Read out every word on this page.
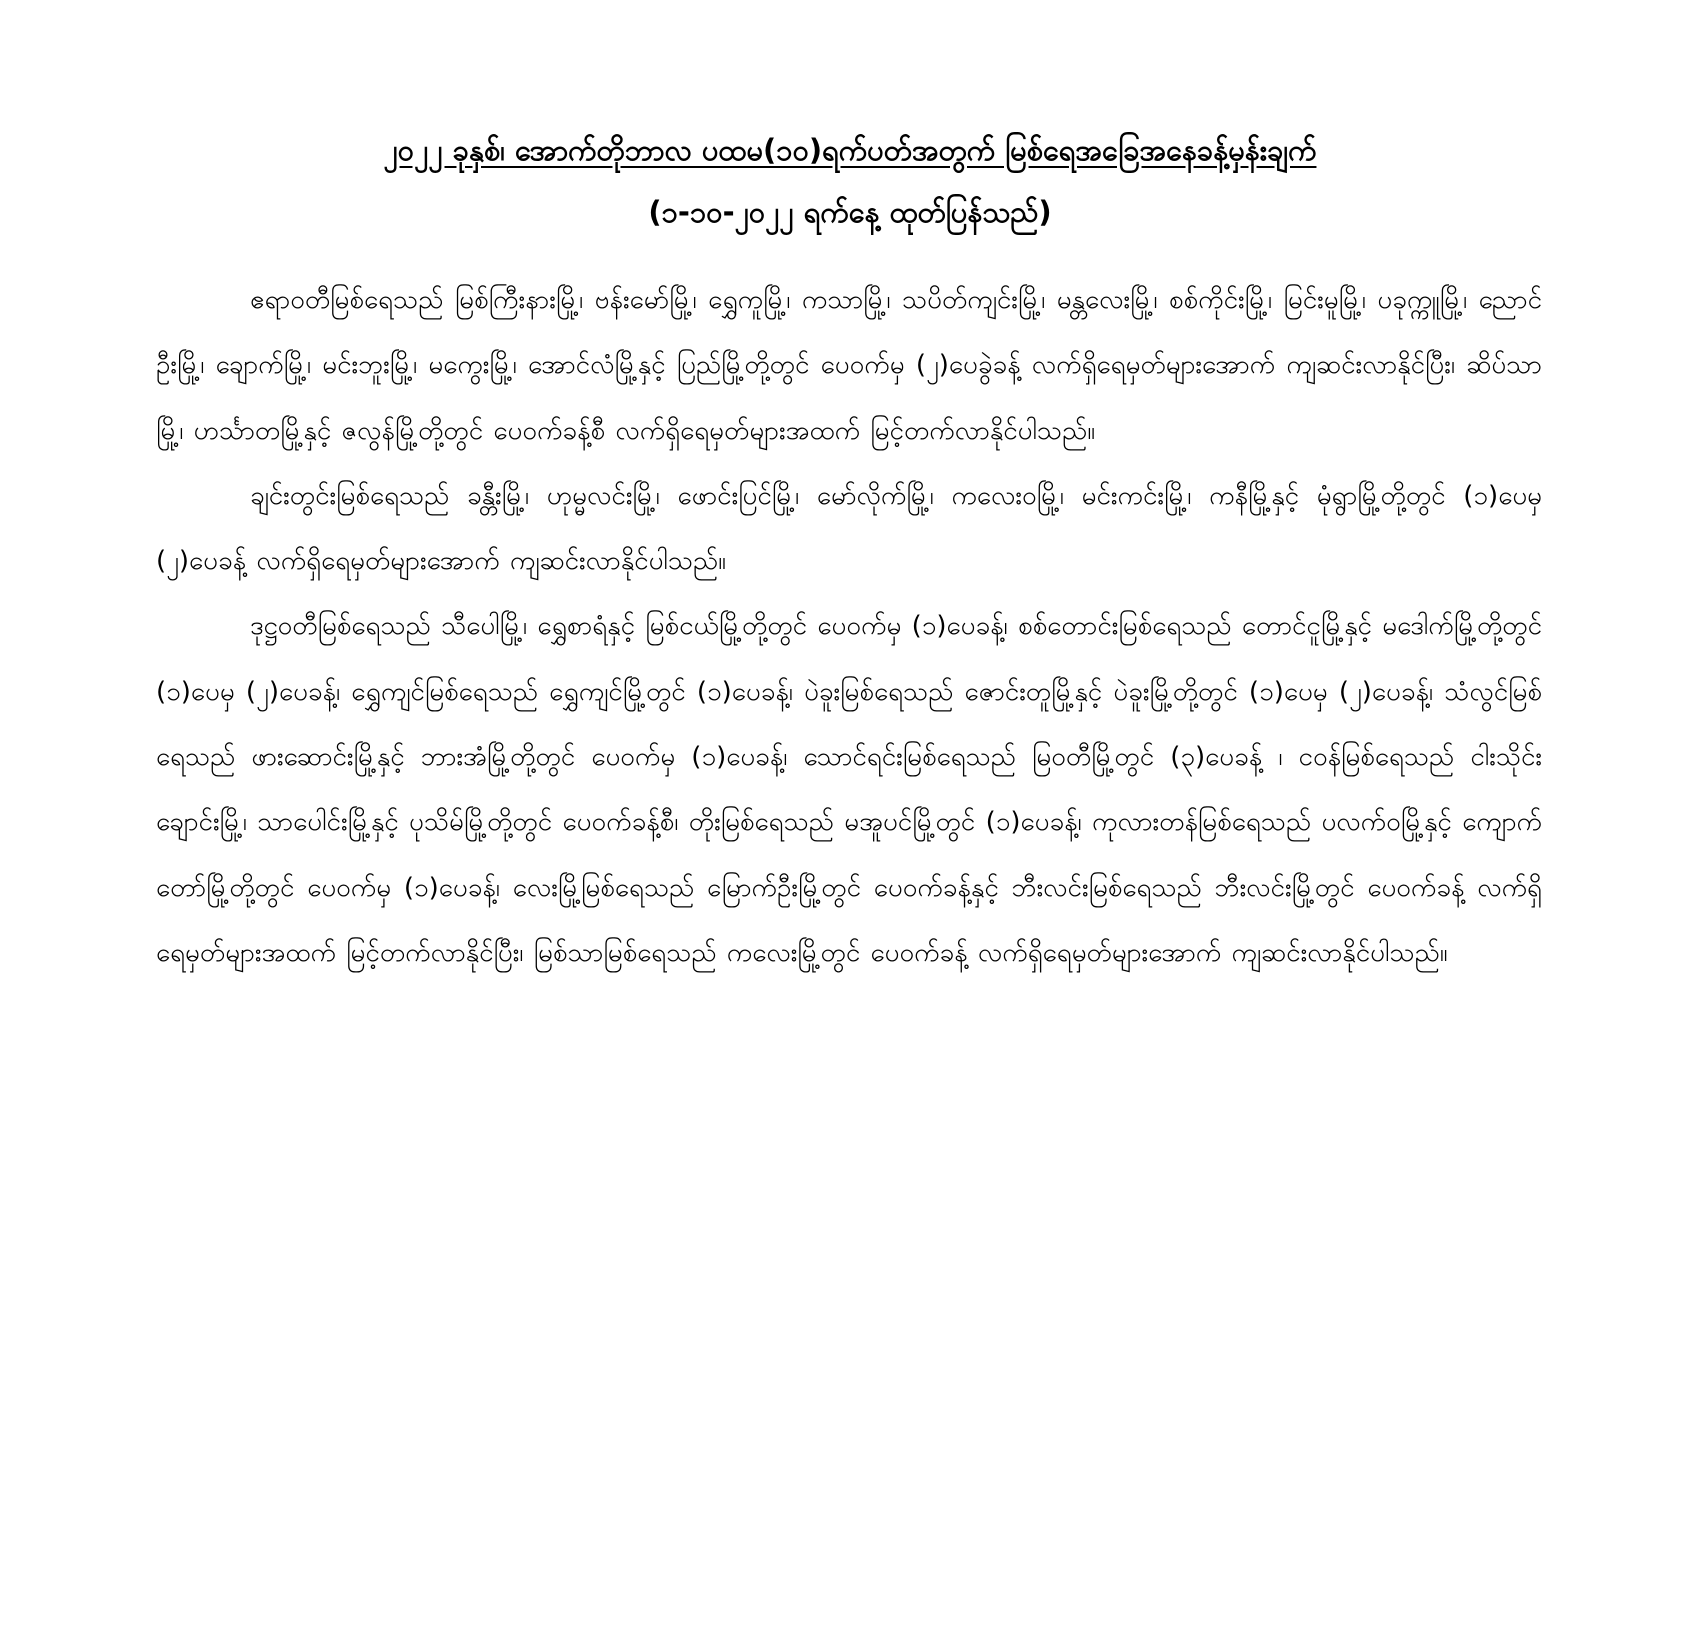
၂၀၂၂ ခုနှစ်၊ အောက်တိုဘာလ ပထမ(၁၀)ရက်ပတ်အတွက် မြစ်ရေအခြေအနေခန့်မှန်းချက်
(၁-၁၀-၂၀၂၂ ရက်နေ့ ထုတ်ပြန်သည်)

ဧရာဝတီမြစ်ရေသည် မြစ်ကြီးနားမြို့၊ ဗန်းမော်မြို့၊ ရွှေကူမြို့၊ ကသာမြို့၊ သပိတ်ကျင်းမြို့၊ မန္တလေးမြို့၊ စစ်ကိုင်းမြို့၊ မြင်းမူမြို့၊ ပခုက္ကူမြို့၊ ညောင်ဦးမြို့၊ ချောက်မြို့၊ မင်းဘူးမြို့၊ မကွေးမြို့၊ အောင်လံမြို့နှင့် ပြည်မြို့တို့တွင် ပေ၀က်မှ (၂)ပေခွဲခန့် လက်ရှိရေမှတ်များအောက် ကျဆင်းလာနိုင်ပြီး၊ ဆိပ်သာမြို့၊ ဟင်္သာတမြို့နှင့် ဇလွန်မြို့တို့တွင် ပေ၀က်ခန့်စီ လက်ရှိရေမှတ်များအထက် မြင့်တက်လာနိုင်ပါသည်။

ချင်းတွင်းမြစ်ရေသည် ခန္တီးမြို့၊ ဟုမ္မလင်းမြို့၊ ဖောင်းပြင်မြို့၊ မော်လိုက်မြို့၊ ကလေးဝမြို့၊ မင်းကင်းမြို့၊ ကနီမြို့နှင့် မုံရွာမြို့တို့တွင် (၁)ပေမှ (၂)ပေခန့် လက်ရှိရေမှတ်များအောက် ကျဆင်းလာနိုင်ပါသည်။

ဒုဋ္ဌဝတီမြစ်ရေသည် သီပေါမြို့၊ ရွှေစာရံနှင့် မြစ်ငယ်မြို့တို့တွင် ပေ၀က်မှ (၁)ပေခန့်၊ စစ်တောင်းမြစ်ရေသည် တောင်ငူမြို့နှင့် မဒေါက်မြို့တို့တွင် (၁)ပေမှ (၂)ပေခန့်၊ ရွှေကျင်မြစ်ရေသည် ရွှေကျင်မြို့တွင် (၁)ပေခန့်၊ ပဲခူးမြစ်ရေသည် ဇောင်းတူမြို့နှင့် ပဲခူးမြို့တို့တွင် (၁)ပေမှ (၂)ပေခန့်၊ သံလွင်မြစ်ရေသည် ဖားဆောင်းမြို့နှင့် ဘားအံမြို့တို့တွင် ပေ၀က်မှ (၁)ပေခန့်၊ သောင်ရင်းမြစ်ရေသည် မြဝတီမြို့တွင် (၃)ပေခန့် ၊ ငဝန်မြစ်ရေသည် ငါးသိုင်းချောင်းမြို့၊ သာပေါင်းမြို့နှင့် ပုသိမ်မြို့တို့တွင် ပေ၀က်ခန့်စီ၊ တိုးမြစ်ရေသည် မအူပင်မြို့တွင် (၁)ပေခန့်၊ ကုလားတန်မြစ်ရေသည် ပလက်ဝမြို့နှင့် ကျောက်တော်မြို့တို့တွင် ပေ၀က်မှ (၁)ပေခန့်၊ လေးမြို့မြစ်ရေသည် မြောက်ဦးမြို့တွင် ပေ၀က်ခန့်နှင့် ဘီးလင်းမြစ်ရေသည် ဘီးလင်းမြို့တွင် ပေ၀က်ခန့် လက်ရှိရေမှတ်များအထက် မြင့်တက်လာနိုင်ပြီး၊ မြစ်သာမြစ်ရေသည် ကလေးမြို့တွင် ပေ၀က်ခန့် လက်ရှိရေမှတ်များအောက် ကျဆင်းလာနိုင်ပါသည်။
